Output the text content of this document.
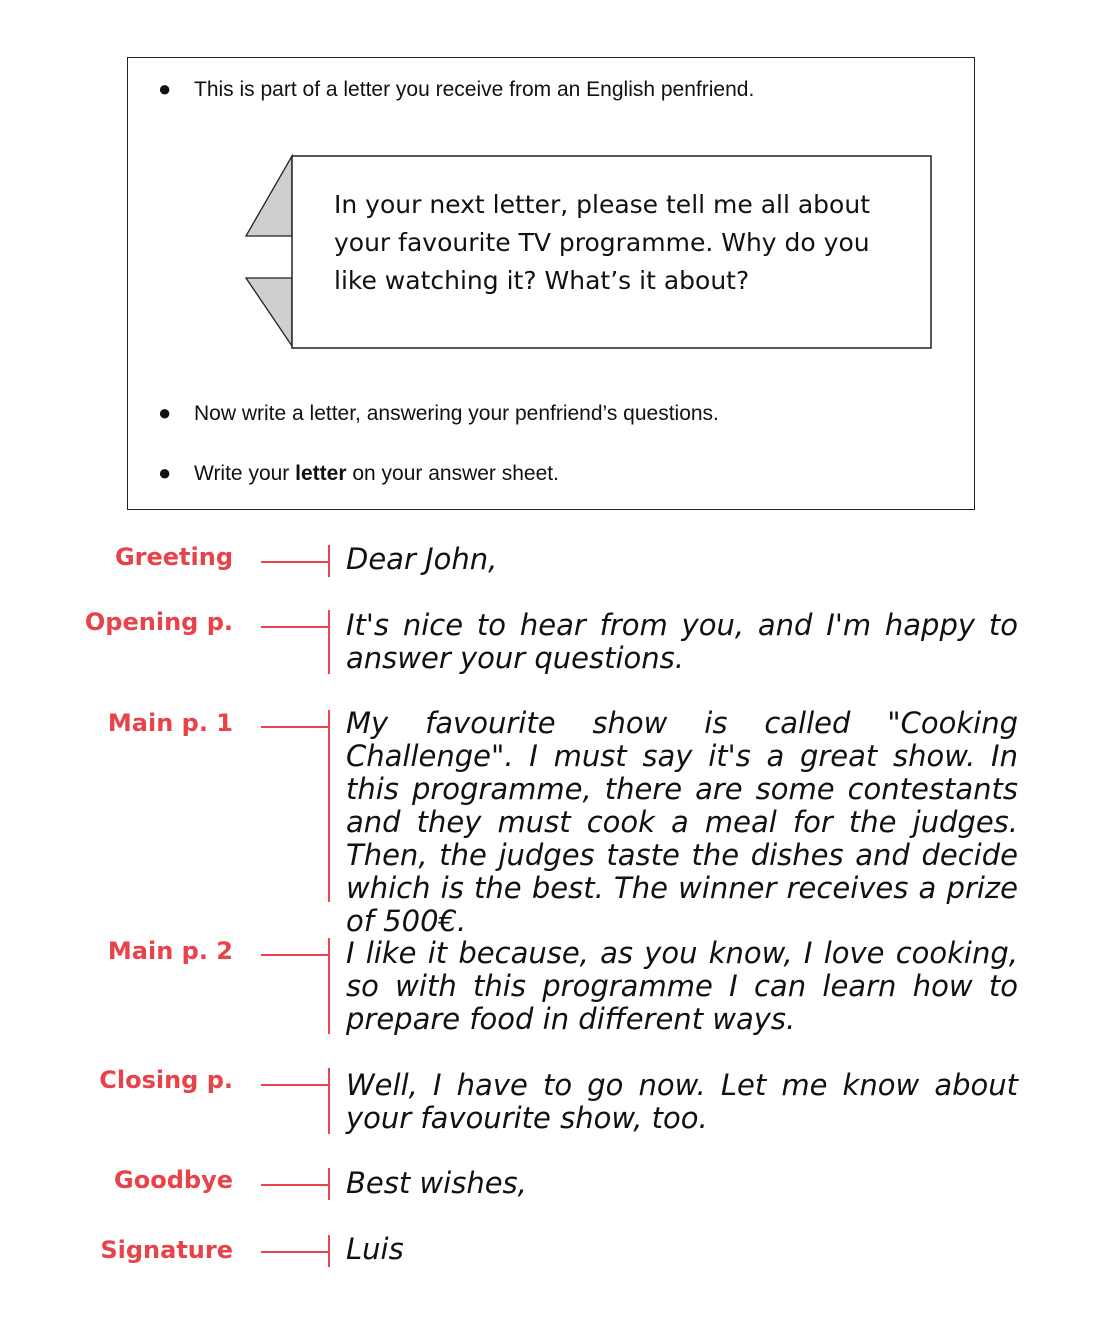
● This is part of a letter you receive from an English penfriend.
In your next letter, please tell me all about your favourite TV programme. Why do you like watching it? What’s it about?
● Now write a letter, answering your penfriend’s questions.
● Write your letter on your answer sheet.
Greeting	Dear John,
Opening p.	It's nice to hear from you, and I'm happy to answer your questions.
Main p. 1	My favourite show is called "Cooking Challenge". I must say it's a great show. In this programme, there are some contestants and they must cook a meal for the judges. Then, the judges taste the dishes and decide which is the best. The winner receives a prize of 500€.
Main p. 2	I like it because, as you know, I love cooking, so with this programme I can learn how to prepare food in different ways.
Closing p.	Well, I have to go now. Let me know about your favourite show, too.
Goodbye	Best wishes,
Signature	Luis
